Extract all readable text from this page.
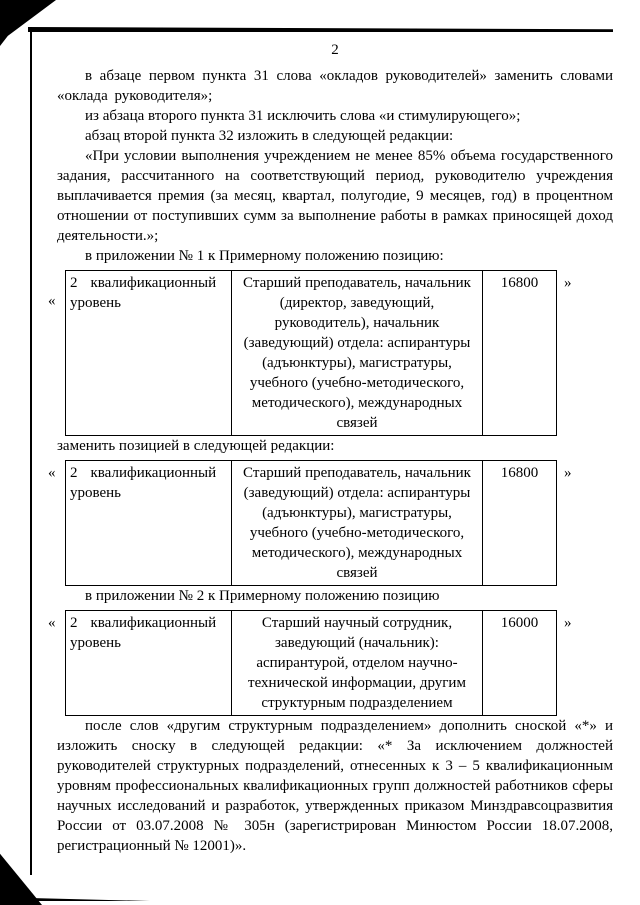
2

в абзаце первом пункта 31 слова «окладов руководителей» заменить словами «оклада руководителя»;

из абзаца второго пункта 31 исключить слова «и стимулирующего»;

абзац второй пункта 32 изложить в следующей редакции:

«При условии выполнения учреждением не менее 85% объема государственного задания, рассчитанного на соответствующий период, руководителю учреждения выплачивается премия (за месяц, квартал, полугодие, 9 месяцев, год) в процентном отношении от поступивших сумм за выполнение работы в рамках приносящей доход деятельности.»;

в приложении № 1 к Примерному положению позицию:

«
2 квалификационный уровень	Старший преподаватель, начальник (директор, заведующий, руководитель), начальник (заведующий) отдела: аспирантуры (адъюнктуры), магистратуры, учебного (учебно-методического, методического), международных связей	16800	»

заменить позицией в следующей редакции:

« 2 квалификационный уровень	Старший преподаватель, начальник (заведующий) отдела: аспирантуры (адъюнктуры), магистратуры, учебного (учебно-методического, методического), международных связей	16800	»

в приложении № 2 к Примерному положению позицию

« 2 квалификационный уровень	Старший научный сотрудник, заведующий (начальник): аспирантурой, отделом научно-технической информации, другим структурным подразделением	16000	»

после слов «другим структурным подразделением» дополнить сноской «*» и изложить сноску в следующей редакции: «* За исключением должностей руководителей структурных подразделений, отнесенных к 3 – 5 квалификационным уровням профессиональных квалификационных групп должностей работников сферы научных исследований и разработок, утвержденных приказом Минздравсоцразвития России от 03.07.2008 № 305н (зарегистрирован Минюстом России 18.07.2008, регистрационный № 12001)».
